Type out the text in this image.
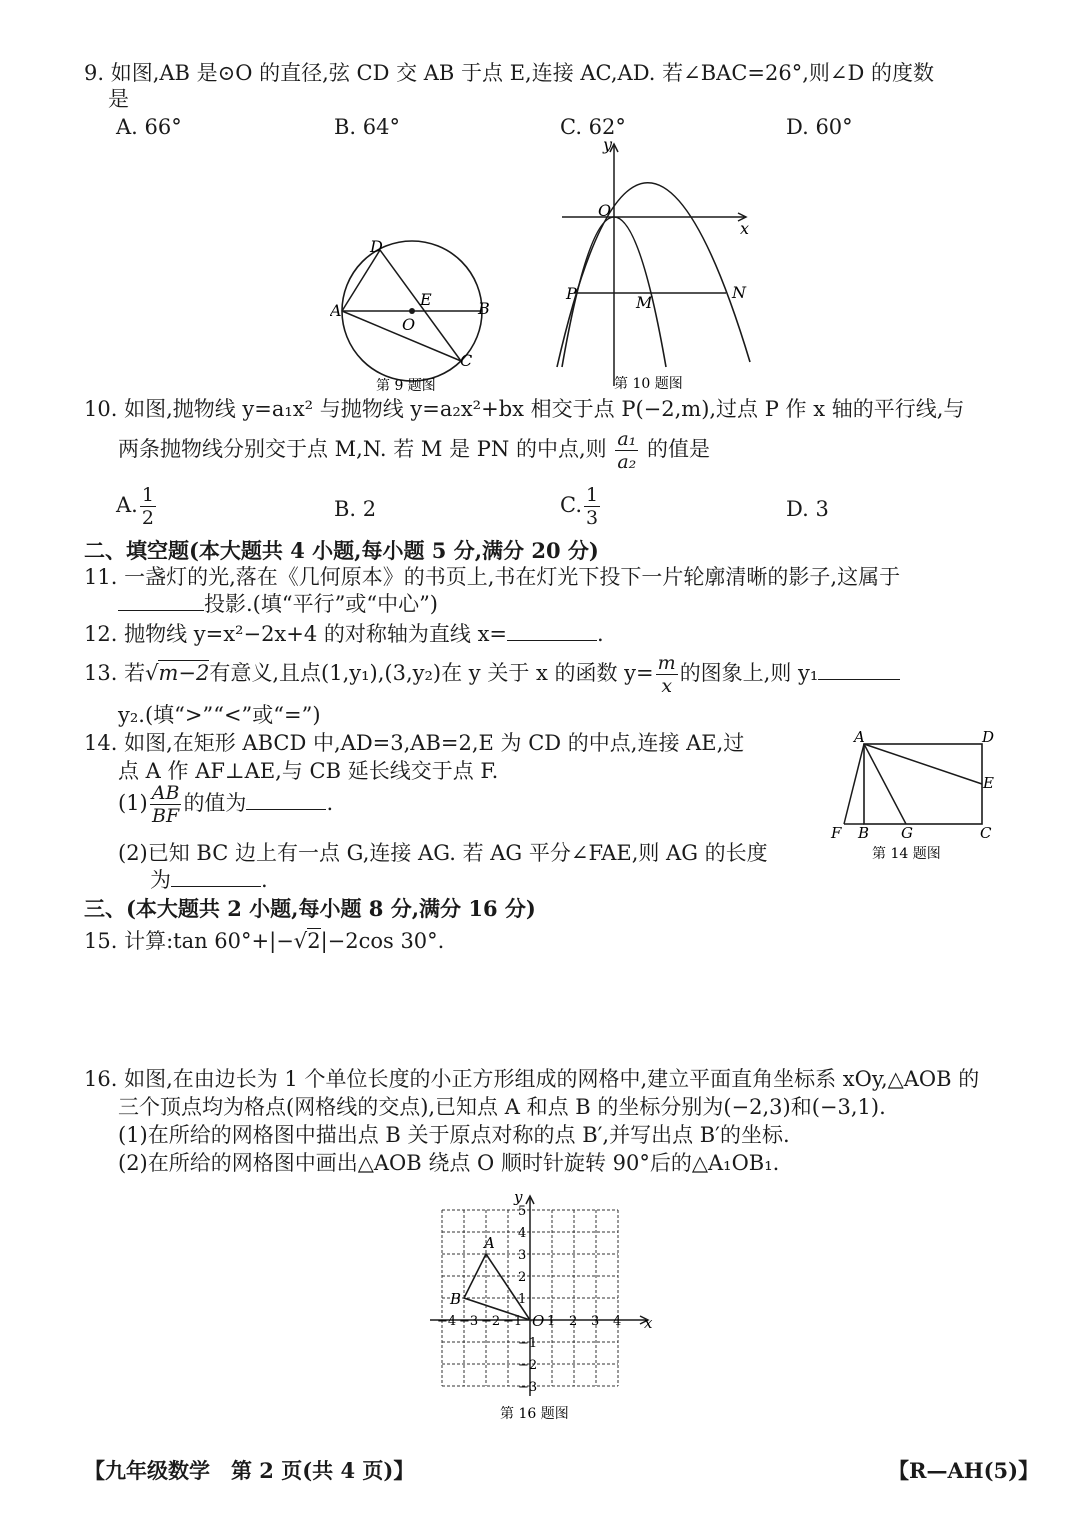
9. 如图,AB 是⊙O 的直径,弦 CD 交 AB 于点 E,连接 AC,AD. 若∠BAC=26°,则∠D 的度数
是
A. 66°	B. 64°	C. 62°	D. 60°
D
A	B
E
O
C
第 9 题图
y
O
x
P	M
N
第 10 题图
10. 如图,抛物线 y=a₁x² 与抛物线 y=a₂x²+bx 相交于点 P(−2,m),过点 P 作 x 轴的平行线,与
两条抛物线分别交于点 M,N. 若 M 是 PN 的中点,则 $\frac{\text{a₁}}{\text{a₂}}$ 的值是
A. $\frac{1}{2}$	B. 2	C. $\frac{1}{3}$	D. 3
二、填空题(本大题共 4 小题,每小题 5 分,满分 20 分)
11. 一盏灯的光,落在《几何原本》的书页上,书在灯光下投下一片轮廓清晰的影子,这属于
投影.(填“平行”或“中心”)
12. 抛物线 y=x²−2x+4 的对称轴为直线 x=	.
13. 若√m−2有意义,且点(1,y₁),(3,y₂)在 y 关于 x 的函数 $y= \frac{m}{x}$ 的图象上,则 y₁
y₂.(填“>”“<”或“=”)
14. 如图,在矩形 ABCD 中,AD=3,AB=2,E 为 CD 的中点,连接 AE,过
点 A 作 AF⊥AE,与 CB 延长线交于点 F.
$(1) \frac{AB}{BF}$ 的值为	.
(2)已知 BC 边上有一点 G,连接 AG. 若 AG 平分∠FAE,则 AG 的长度
为	.
A	D
E
F B G	C
第 14 题图
三、(本大题共 2 小题,每小题 8 分,满分 16 分)
15. 计算:tan 60°+|−√2|−2cos 30°.
16. 如图,在由边长为 1 个单位长度的小正方形组成的网格中,建立平面直角坐标系 xOy,△AOB 的
三个顶点均为格点(网格线的交点),已知点 A 和点 B 的坐标分别为(−2,3)和(−3,1).
(1)在所给的网格图中描出点 B 关于原点对称的点 B′,并写出点 B′的坐标.
(2)在所给的网格图中画出△AOB 绕点 O 顺时针旋转 90°后的△A₁OB₁.
−4 −3 −2 −1 1 2 3 4
5
4
3
2
1
−1
−2
−3
A
B
O	x
y
第 16 题图
【九年级数学　第 2 页(共 4 页)】	【R—AH(5)】
